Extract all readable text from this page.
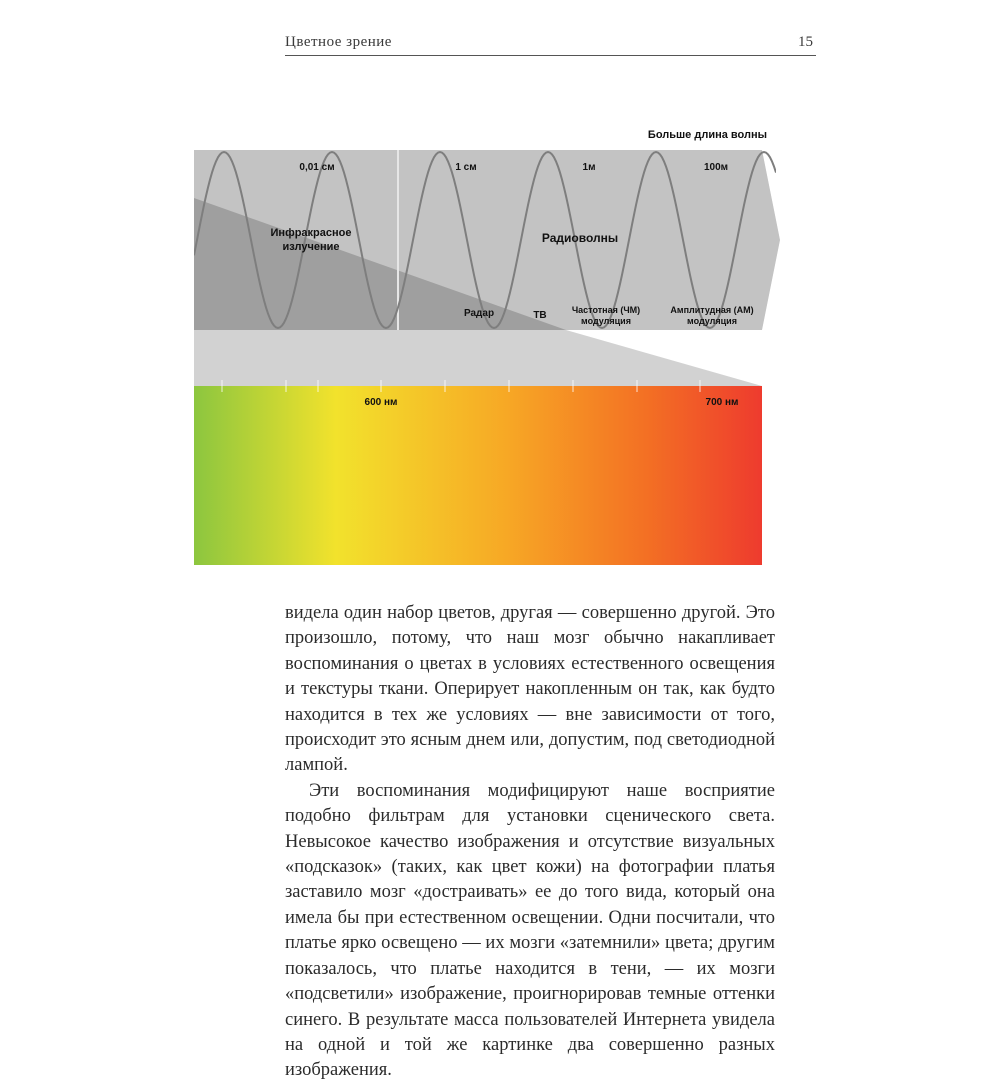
Цветное зрение	15
Больше длина волны
0,01 см	1 см	1м	100м
Инфракрасное
излучение
Радиоволны
Радар	ТВ	Частотная (ЧМ)
модуляция
Амплитудная (АМ)
модуляция
600 нм	700 нм

видела один набор цветов, другая — совершенно другой. Это произошло, потому, что наш мозг обычно накапливает воспоминания о цветах в условиях естественного освещения и текстуры ткани. Оперирует накопленным он так, как будто находится в тех же условиях — вне зависимости от того, происходит это ясным днем или, допустим, под светодиодной лампой.

Эти воспоминания модифицируют наше восприятие подобно фильтрам для установки сценического света. Невысокое качество изображения и отсутствие визуальных «подсказок» (таких, как цвет кожи) на фотографии платья заставило мозг «дострaивать» ее до того вида, который она имела бы при естественном освещении. Одни посчитали, что платье ярко освещено — их мозги «затемнили» цвета; другим показалось, что платье находится в тени, — их мозги «подсветили» изображение, проигнорировав темные оттенки синего. В результате масса пользователей Интернета увидела на одной и той же картинке два совершенно разных изображения.
